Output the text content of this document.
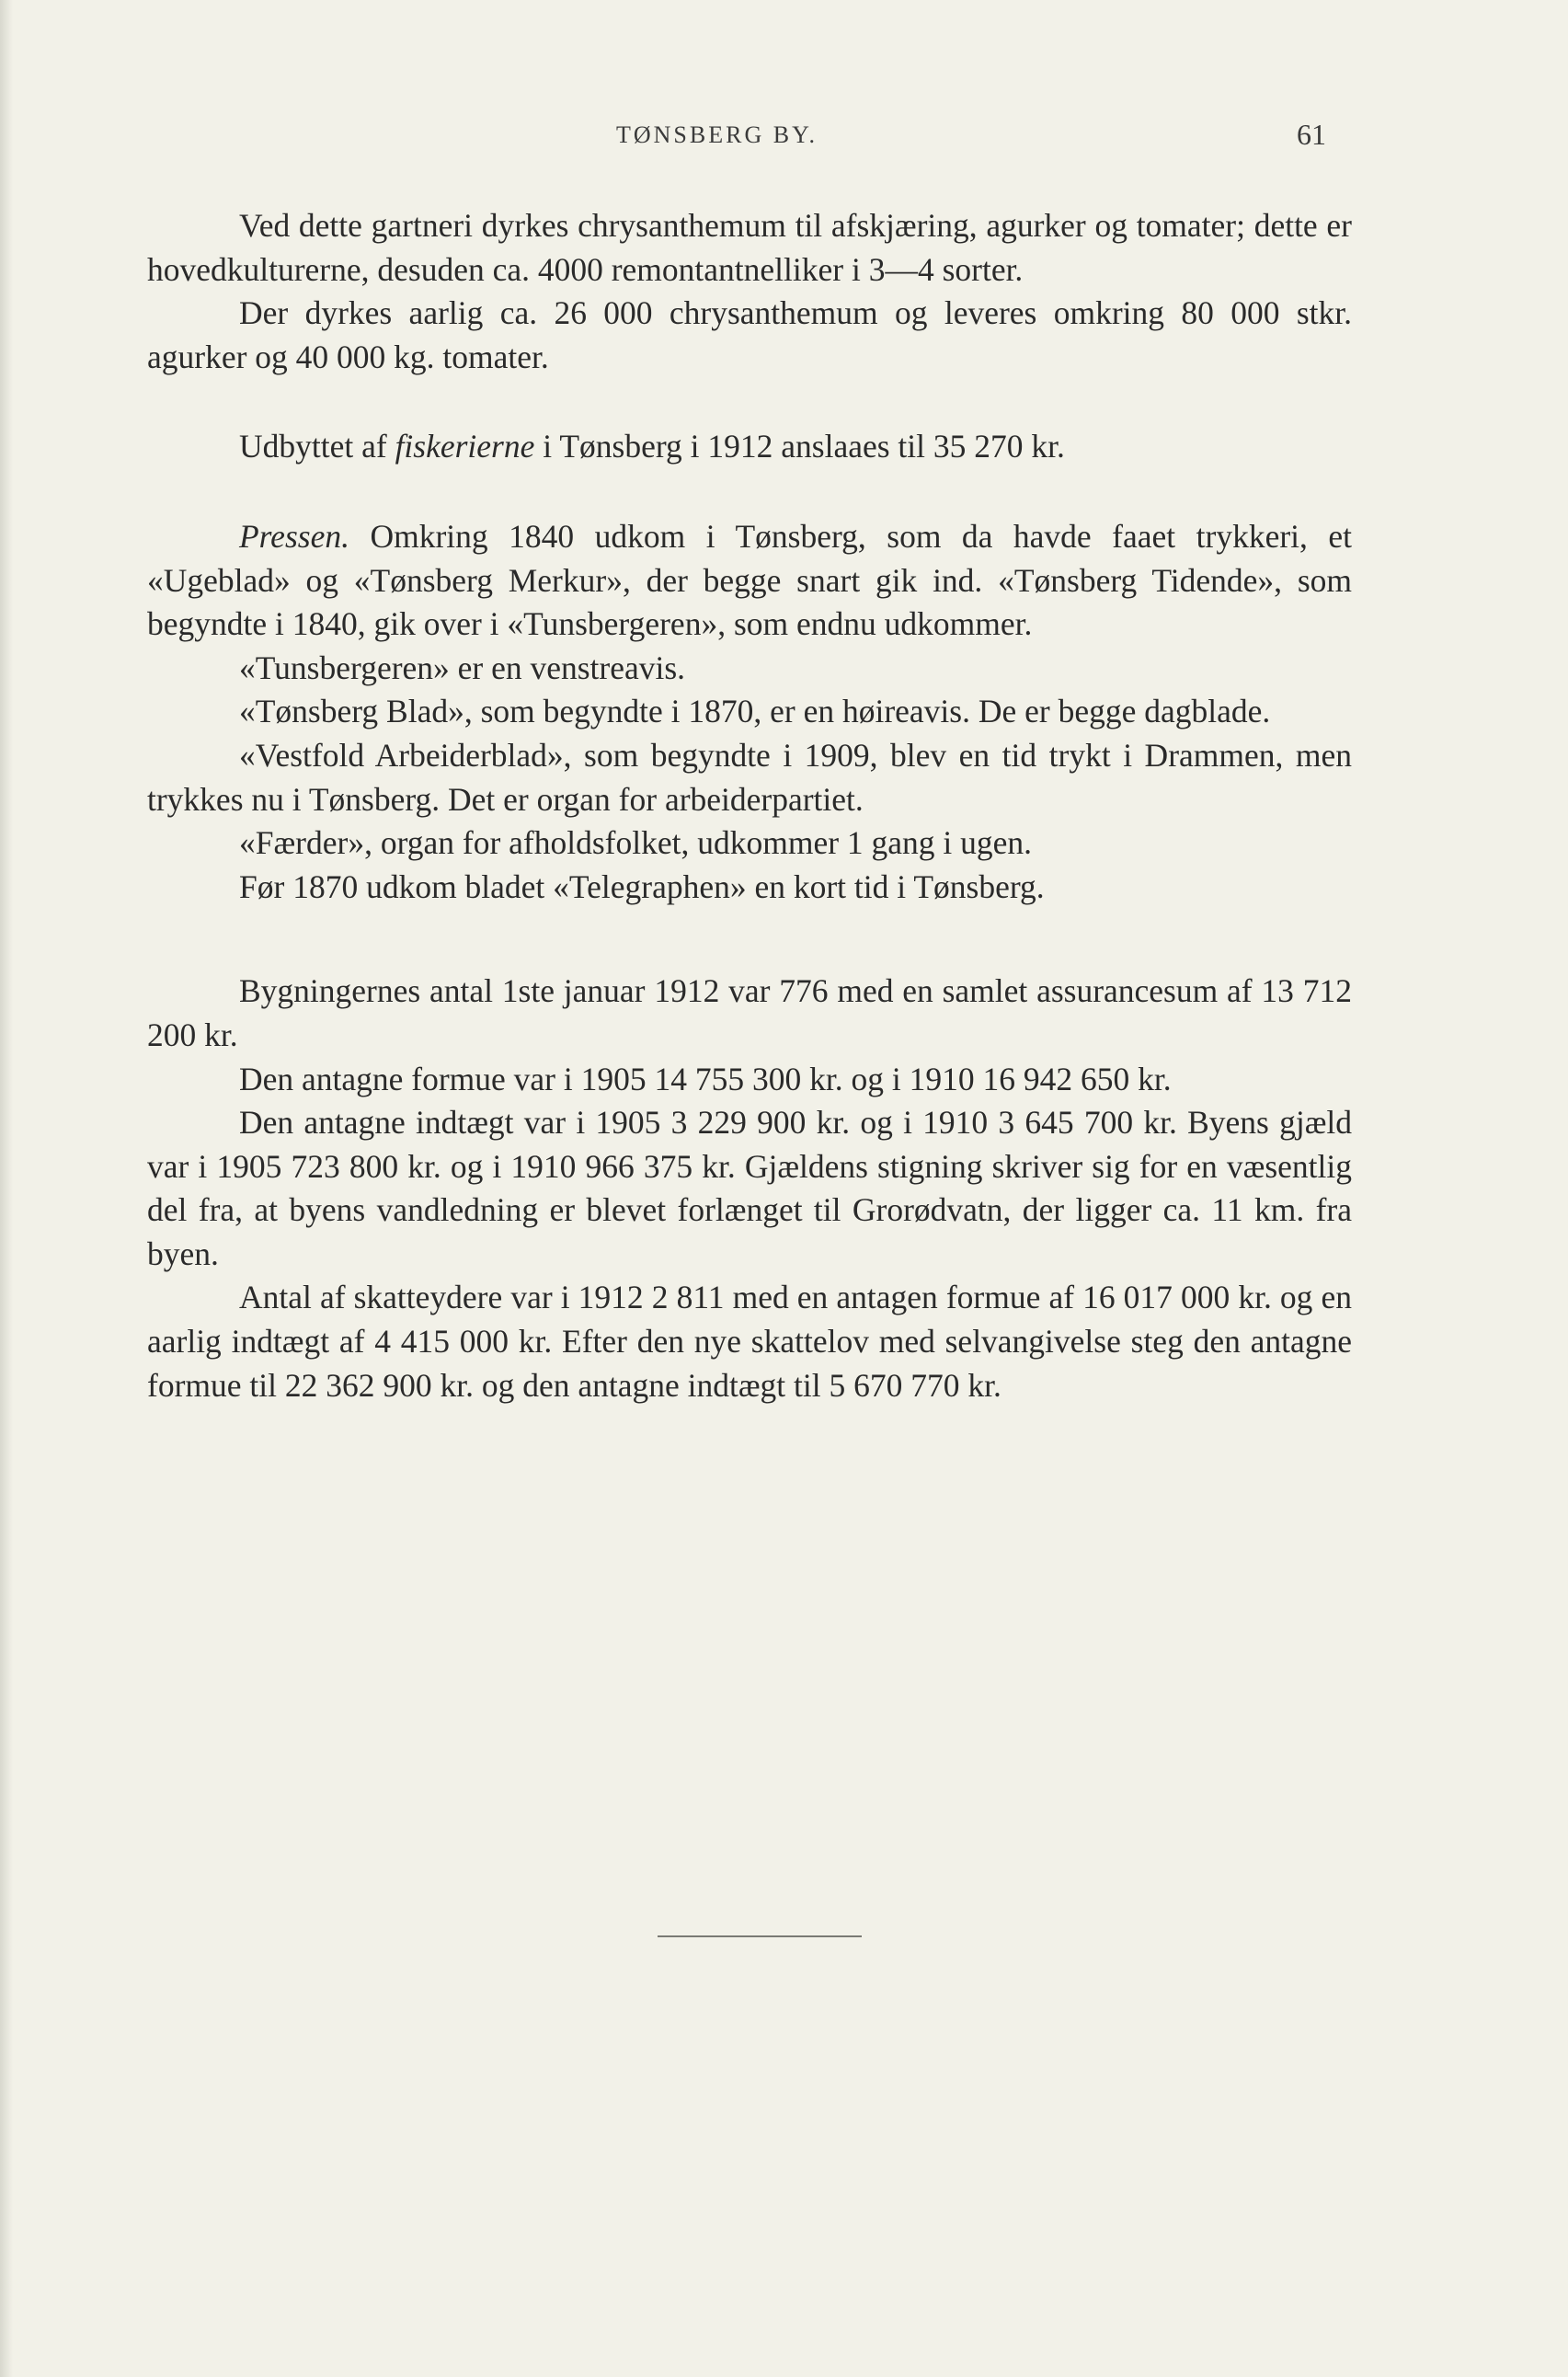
TØNSBERG BY.	61

Ved dette gartneri dyrkes chrysanthemum til afskjæring, agurker og tomater; dette er hovedkulturerne, desuden ca. 4000 remontantnelliker i 3—4 sorter.

Der dyrkes aarlig ca. 26 000 chrysanthemum og leveres omkring 80 000 stkr. agurker og 40 000 kg. tomater.

Udbyttet af fiskerierne i Tønsberg i 1912 anslaaes til 35 270 kr.

Pressen. Omkring 1840 udkom i Tønsberg, som da havde faaet trykkeri, et «Ugeblad» og «Tønsberg Merkur», der begge snart gik ind. «Tønsberg Tidende», som begyndte i 1840, gik over i «Tunsbergeren», som endnu udkommer.

«Tunsbergeren» er en venstreavis.

«Tønsberg Blad», som begyndte i 1870, er en høireavis. De er begge dagblade.

«Vestfold Arbeiderblad», som begyndte i 1909, blev en tid trykt i Drammen, men trykkes nu i Tønsberg. Det er organ for arbeiderpartiet.

«Færder», organ for afholdsfolket, udkommer 1 gang i ugen.

Før 1870 udkom bladet «Telegraphen» en kort tid i Tønsberg.

Bygningernes antal 1ste januar 1912 var 776 med en samlet assurancesum af 13 712 200 kr.

Den antagne formue var i 1905 14 755 300 kr. og i 1910 16 942 650 kr.

Den antagne indtægt var i 1905 3 229 900 kr. og i 1910 3 645 700 kr. Byens gjæld var i 1905 723 800 kr. og i 1910 966 375 kr. Gjældens stigning skriver sig for en væsentlig del fra, at byens vandledning er blevet forlænget til Grorødvatn, der ligger ca. 11 km. fra byen.

Antal af skatteydere var i 1912 2 811 med en antagen formue af 16 017 000 kr. og en aarlig indtægt af 4 415 000 kr. Efter den nye skattelov med selvangivelse steg den antagne formue til 22 362 900 kr. og den antagne indtægt til 5 670 770 kr.
